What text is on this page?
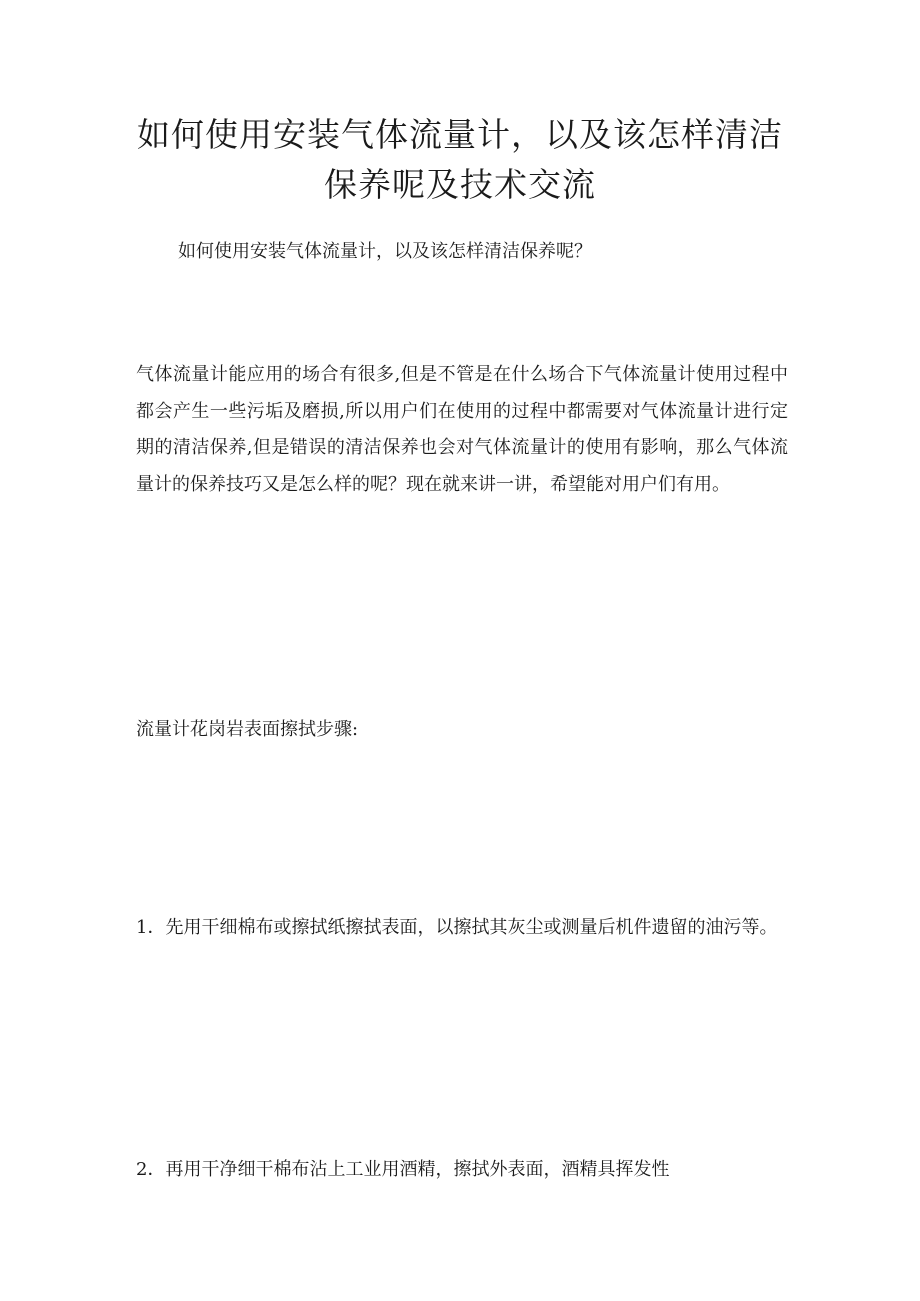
如何使用安装气体流量计，以及该怎样清洁
保养呢及技术交流

如何使用安装气体流量计，以及该怎样清洁保养呢？

气体流量计能应用的场合有很多,但是不管是在什么场合下气体流量计使用过程中都会产生一些污垢及磨损,所以用户们在使用的过程中都需要对气体流量计进行定期的清洁保养,但是错误的清洁保养也会对气体流量计的使用有影响，那么气体流量计的保养技巧又是怎么样的呢？现在就来讲一讲，希望能对用户们有用。

流量计花岗岩表面擦拭步骤:

1．先用干细棉布或擦拭纸擦拭表面，以擦拭其灰尘或测量后机件遗留的油污等。

2．再用干净细干棉布沾上工业用酒精，擦拭外表面，酒精具挥发性
